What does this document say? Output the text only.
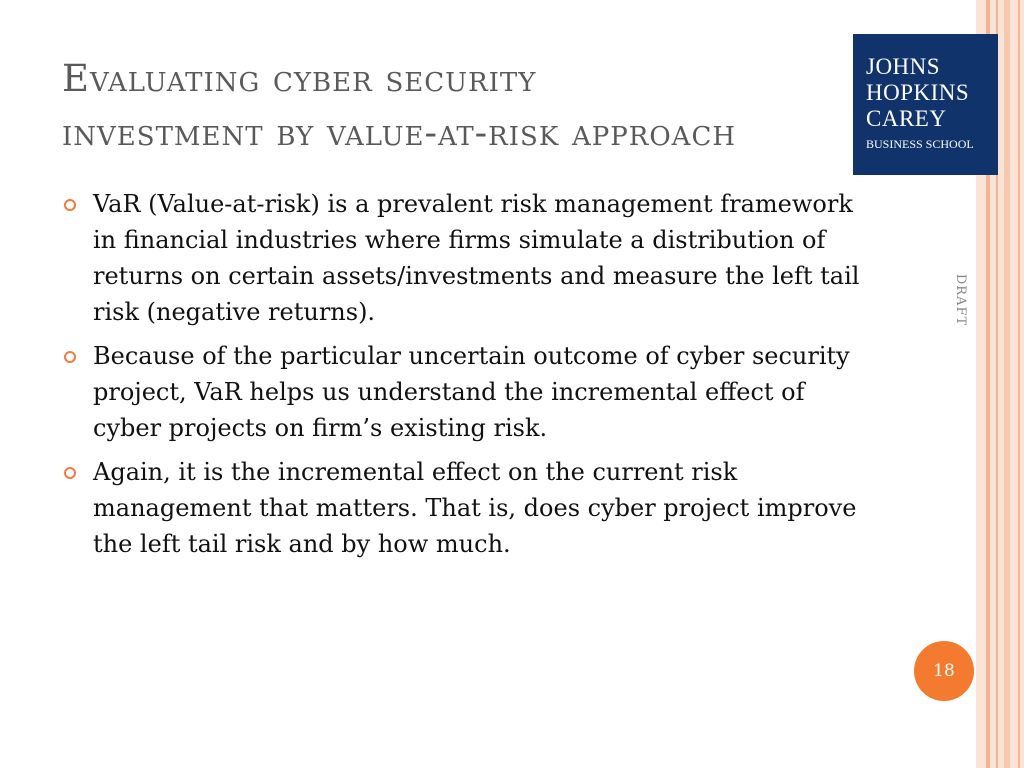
Evaluating cyber security
investment by value-at-risk approach
JOHNS
HOPKINS
CAREY
BUSINESS SCHOOL
VaR (Value-at-risk) is a prevalent risk management framework in financial industries where firms simulate a distribution of returns on certain assets/investments and measure the left tail risk (negative returns).
Because of the particular uncertain outcome of cyber security project, VaR helps us understand the incremental effect of cyber projects on firm’s existing risk.
Again, it is the incremental effect on the current risk management that matters. That is, does cyber project improve the left tail risk and by how much.
DRAFT
18
